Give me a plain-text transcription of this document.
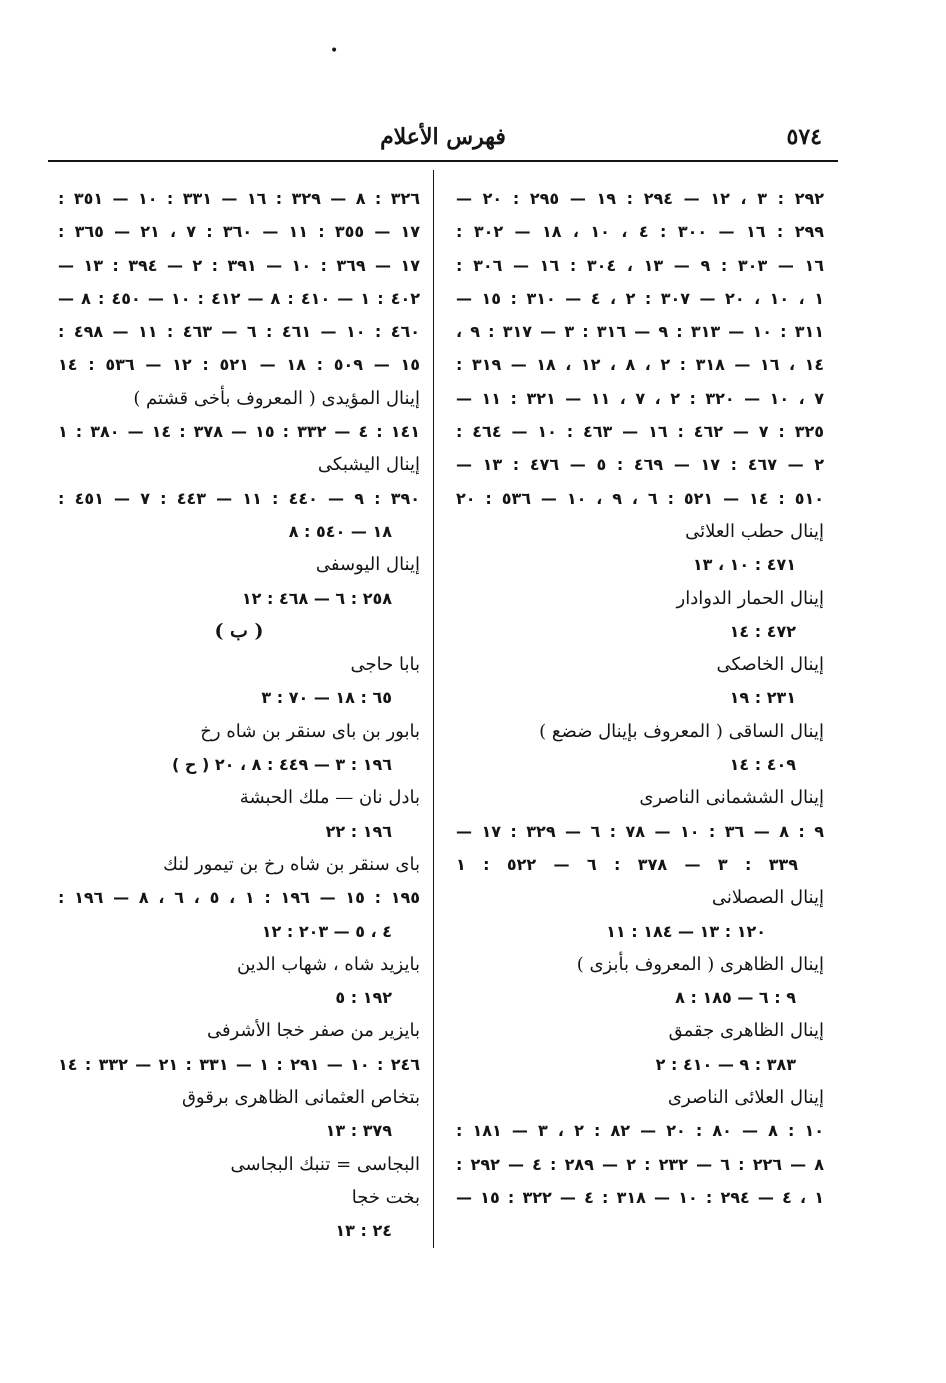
•
٥٧٤
فهرس الأعلام
٢٩٢ : ٣ ، ١٢ — ٢٩٤ : ١٩ — ٢٩٥ : ٢٠ —
٢٩٩ : ١٦ — ٣٠٠ : ٤ ، ١٠ ، ١٨ — ٣٠٢ :
١٦ — ٣٠٣ : ٩ — ١٣ ، ٣٠٤ : ١٦ — ٣٠٦ :
١ ، ١٠ ، ٢٠ — ٣٠٧ : ٢ ، ٤ — ٣١٠ : ١٥ —
٣١١ : ١٠ — ٣١٣ : ٩ — ٣١٦ : ٣ — ٣١٧ : ٩ ،
١٤ ، ١٦ — ٣١٨ : ٢ ، ٨ ، ١٢ ، ١٨ — ٣١٩ :
٧ ، ١٠ — ٣٢٠ : ٢ ، ٧ ، ١١ — ٣٢١ : ١١ —
٣٢٥ : ٧ — ٤٦٢ : ١٦ — ٤٦٣ : ١٠ — ٤٦٤ :
٢ — ٤٦٧ : ١٧ — ٤٦٩ : ٥ — ٤٧٦ : ١٣ —
٥١٠ : ١٤ — ٥٢١ : ٦ ، ٩ ، ١٠ — ٥٣٦ : ٢٠
إينال حطب العلائى
٤٧١ : ١٠ ، ١٣
إينال الحمار الدوادار
٤٧٢ : ١٤
إينال الخاصكى
٢٣١ : ١٩
إينال الساقى ( المعروف بإينال ضضع )
٤٠٩ : ١٤
إينال الششمانى الناصرى
٩ : ٨ — ٣٦ : ١٠ — ٧٨ : ٦ — ٣٢٩ : ١٧ —
٣٣٩ : ٣ — ٣٧٨ : ٦ — ٥٢٢ : ١
إينال الصصلانى
١٢٠ : ١٣ — ١٨٤ : ١١
إينال الظاهرى ( المعروف بأبزى )
٩ : ٦ — ١٨٥ : ٨
إينال الظاهرى جقمق
٣٨٣ : ٩ — ٤١٠ : ٢
إينال العلائى الناصرى
١٠ : ٨ — ٨٠ : ٢٠ — ٨٢ : ٢ ، ٣ — ١٨١ :
٨ — ٢٢٦ : ٦ — ٢٣٢ : ٢ — ٢٨٩ : ٤ — ٢٩٢ :
١ ، ٤ — ٢٩٤ : ١٠ — ٣١٨ : ٤ — ٣٢٢ : ١٥ —
٣٢٦ : ٨ — ٣٢٩ : ١٦ — ٣٣١ : ١٠ — ٣٥١ :
١٧ — ٣٥٥ : ١١ — ٣٦٠ : ٧ ، ٢١ — ٣٦٥ :
١٧ — ٣٦٩ : ١٠ — ٣٩١ : ٢ — ٣٩٤ : ١٣ —
٤٠٢ : ١ — ٤١٠ : ٨ — ٤١٢ : ١٠ — ٤٥٠ : ٨ —
٤٦٠ : ١٠ — ٤٦١ : ٦ — ٤٦٣ : ١١ — ٤٩٨ :
١٥ — ٥٠٩ : ١٨ — ٥٢١ : ١٢ — ٥٣٦ : ١٤
إينال المؤيدى ( المعروف بأخى قشتم )
١٤١ : ٤ — ٣٣٢ : ١٥ — ٣٧٨ : ١٤ — ٣٨٠ : ١
إينال اليشبكى
٣٩٠ : ٩ — ٤٤٠ : ١١ — ٤٤٣ : ٧ — ٤٥١ :
١٨ — ٥٤٠ : ٨
إينال اليوسفى
٢٥٨ : ٦ — ٤٦٨ : ١٢
( ب )
بابا حاجى
٦٥ : ١٨ — ٧٠ : ٣
بابور بن باى سنقر بن شاه رخ
١٩٦ : ٣ — ٤٤٩ : ٨ ، ٢٠ ( ح )
بادل نان — ملك الحبشة
١٩٦ : ٢٢
باى سنقر بن شاه رخ بن تيمور لنك
١٩٥ : ١٥ — ١٩٦ : ١ ، ٥ ، ٦ ، ٨ — ١٩٦ :
٤ ، ٥ — ٢٠٣ : ١٢
بايزيد شاه ، شهاب الدين
١٩٢ : ٥
بايزير من صفر خجا الأشرفى
٢٤٦ : ١٠ — ٢٩١ : ١ — ٣٣١ : ٢١ — ٣٣٢ : ١٤
بتخاص العثمانى الظاهرى برقوق
٣٧٩ : ١٣
البجاسى = تنبك البجاسى
بخت خجا
٢٤ : ١٣
